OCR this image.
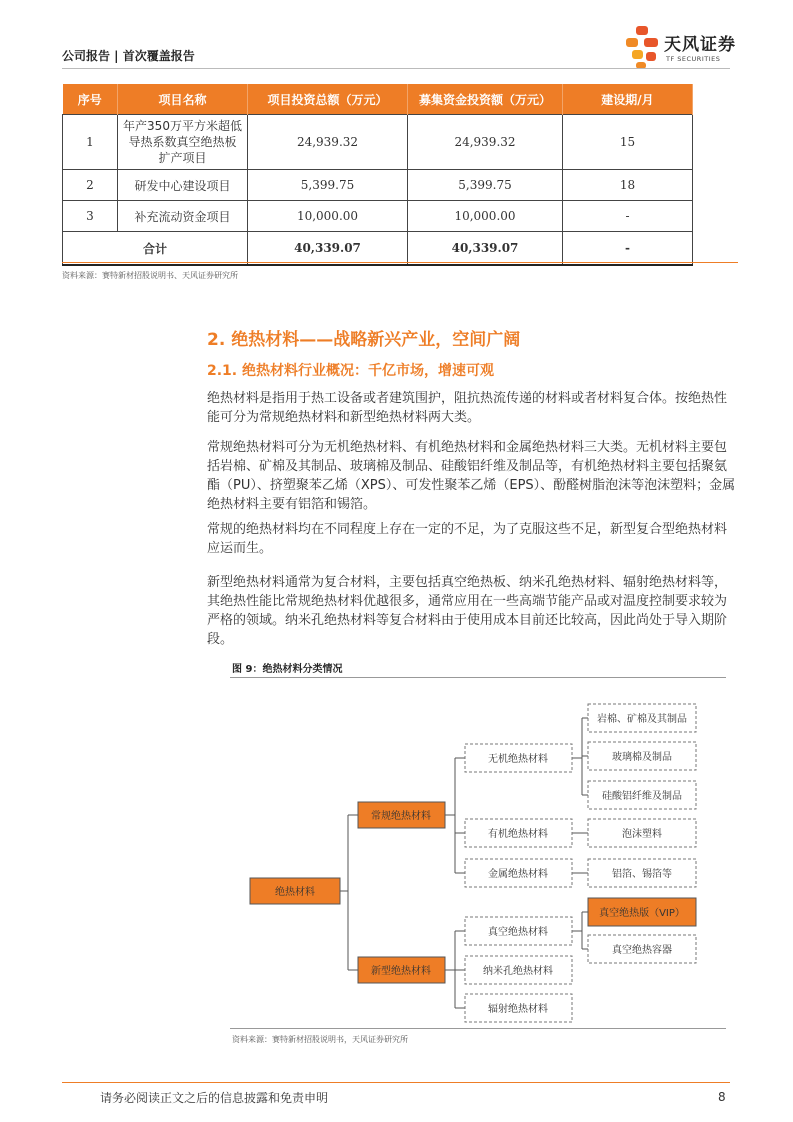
公司报告 | 首次覆盖报告
天风证券
TF SECURITIES
序号	项目名称	项目投资总额（万元）	募集资金投资额（万元）	建设期/月
1	年产350万平方米超低
导热系数真空绝热板
扩产项目	24,939.32	24,939.32	15
2	研发中心建设项目	5,399.75	5,399.75	18
3	补充流动资金项目	10,000.00	10,000.00	-
合计		40,339.07	40,339.07	-
资料来源：赛特新材招股说明书、天风证券研究所
2. 绝热材料——战略新兴产业，空间广阔
2.1. 绝热材料行业概况：千亿市场，增速可观

绝热材料是指用于热工设备或者建筑围护，阻抗热流传递的材料或者材料复合体。按绝热性能可分为常规绝热材料和新型绝热材料两大类。

常规绝热材料可分为无机绝热材料、有机绝热材料和金属绝热材料三大类。无机材料主要包括岩棉、矿棉及其制品、玻璃棉及制品、硅酸铝纤维及制品等，有机绝热材料主要包括聚氨酯（PU）、挤塑聚苯乙烯（XPS）、可发性聚苯乙烯（EPS）、酚醛树脂泡沫等泡沫塑料；金属绝热材料主要有铝箔和锡箔。

常规的绝热材料均在不同程度上存在一定的不足，为了克服这些不足，新型复合型绝热材料应运而生。

新型绝热材料通常为复合材料，主要包括真空绝热板、纳米孔绝热材料、辐射绝热材料等，其绝热性能比常规绝热材料优越很多，通常应用在一些高端节能产品或对温度控制要求较为严格的领域。纳米孔绝热材料等复合材料由于使用成本目前还比较高，因此尚处于导入期阶段。

图 9：绝热材料分类情况
绝热材料
常规绝热材料
新型绝热材料
无机绝热材料
有机绝热材料
金属绝热材料
真空绝热材料
纳米孔绝热材料
辐射绝热材料
岩棉、矿棉及其制品
玻璃棉及制品
硅酸铝纤维及制品
泡沫塑料
铝箔、锡箔等
真空绝热版（VIP）
真空绝热容器
资料来源：赛特新材招股说明书，天风证券研究所
请务必阅读正文之后的信息披露和免责申明	8
